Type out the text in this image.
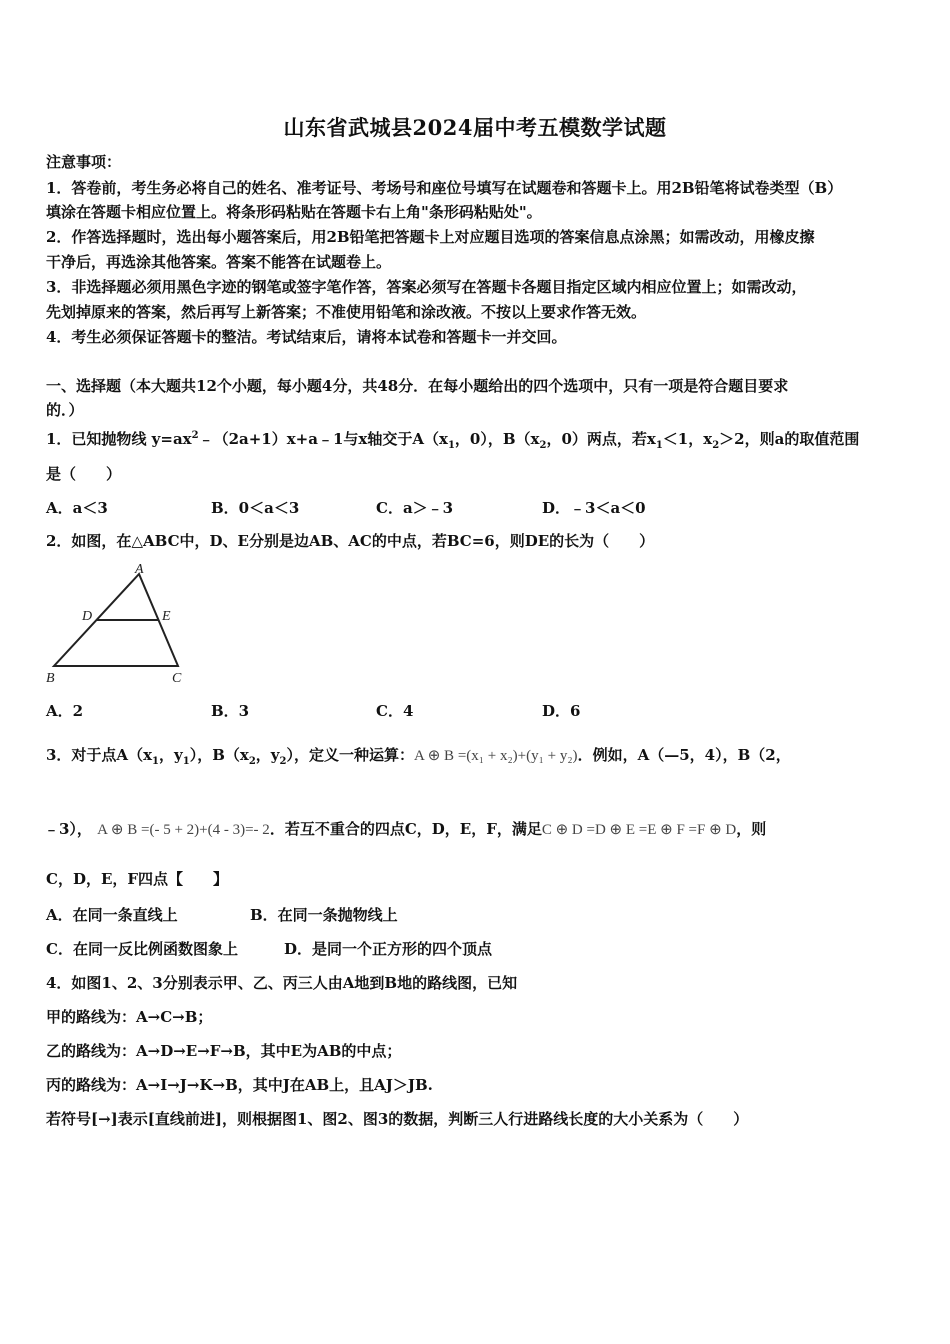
山东省武城县2024届中考五模数学试题
注意事项：
1．答卷前，考生务必将自己的姓名、准考证号、考场号和座位号填写在试题卷和答题卡上。用2B铅笔将试卷类型（B）
填涂在答题卡相应位置上。将条形码粘贴在答题卡右上角"条形码粘贴处"。
2．作答选择题时，选出每小题答案后，用2B铅笔把答题卡上对应题目选项的答案信息点涂黑；如需改动，用橡皮擦
干净后，再选涂其他答案。答案不能答在试题卷上。
3．非选择题必须用黑色字迹的钢笔或签字笔作答，答案必须写在答题卡各题目指定区域内相应位置上；如需改动，
先划掉原来的答案，然后再写上新答案；不准使用铅笔和涂改液。不按以上要求作答无效。
4．考生必须保证答题卡的整洁。考试结束后，请将本试卷和答题卡一并交回。
一、选择题（本大题共12个小题，每小题4分，共48分．在每小题给出的四个选项中，只有一项是符合题目要求
的．）
1．已知抛物线 $y=ax^2﹣(2a+1)x+a﹣1$与x轴交于$A(x_1$，0），$B(x_2$，0）两点，若$x_1<1$，$x_2>2$，则a的取值范围
是（　　）
A．a＜3	B．0＜a＜3	C．a＞﹣3	D．﹣3＜a＜0
2．如图，在△ABC中，D、E分别是边AB、AC的中点，若BC=6，则DE的长为（　　）
A
D	E
B	C
A．2	B．3	C．4	D．6
3．对于点$A(x_1$，$y_1$），$B(x_2$，$y_2$），定义一种运算：A ⊕ B =(x₁ + x₂)+(y₁ + y₂)．例如，A（—5，4），B（2，
﹣3）， A ⊕ B =(- 5 + 2)+(4 - 3)=- 2．若互不重合的四点C，D，E，F，满足C ⊕ D =D ⊕ E =E ⊕ F =F ⊕ D，则
C，D，E，F四点【　　】
A．在同一条直线上	B．在同一条抛物线上
C．在同一反比例函数图象上	D．是同一个正方形的四个顶点
4．如图1、2、3分别表示甲、乙、丙三人由A地到B地的路线图，已知
甲的路线为：A→C→B；
乙的路线为：A→D→E→F→B，其中E为AB的中点；
丙的路线为：A→I→J→K→B，其中J在AB上，且AJ＞JB.
若符号[→]表示[直线前进]，则根据图1、图2、图3的数据，判断三人行进路线长度的大小关系为（　　）
